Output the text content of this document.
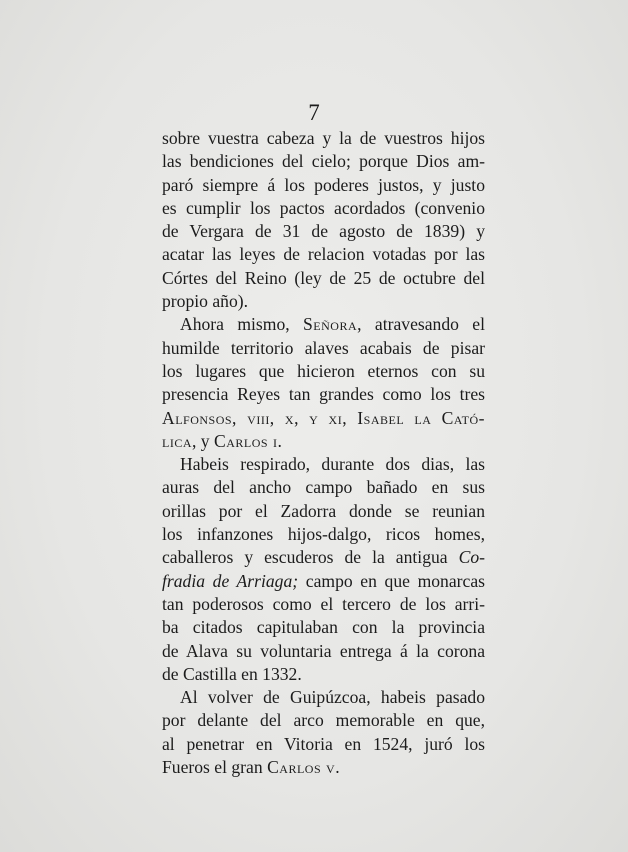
7
sobre vuestra cabeza y la de vuestros hijos
las bendiciones del cielo; porque Dios am-
paró siempre á los poderes justos, y justo
es cumplir los pactos acordados (convenio
de Vergara de 31 de agosto de 1839) y
acatar las leyes de relacion votadas por las
Córtes del Reino (ley de 25 de octubre del
propio año).
Ahora mismo, Señora, atravesando el
humilde territorio alaves acabais de pisar
los lugares que hicieron eternos con su
presencia Reyes tan grandes como los tres
Alfonsos, viii, x, y xi, Isabel la Cató-
lica, y Carlos i.
Habeis respirado, durante dos dias, las
auras del ancho campo bañado en sus
orillas por el Zadorra donde se reunian
los infanzones hijos-dalgo, ricos homes,
caballeros y escuderos de la antigua Co-
fradia de Arriaga; campo en que monarcas
tan poderosos como el tercero de los arri-
ba citados capitulaban con la provincia
de Alava su voluntaria entrega á la corona
de Castilla en 1332.
Al volver de Guipúzcoa, habeis pasado
por delante del arco memorable en que,
al penetrar en Vitoria en 1524, juró los
Fueros el gran Carlos v.
